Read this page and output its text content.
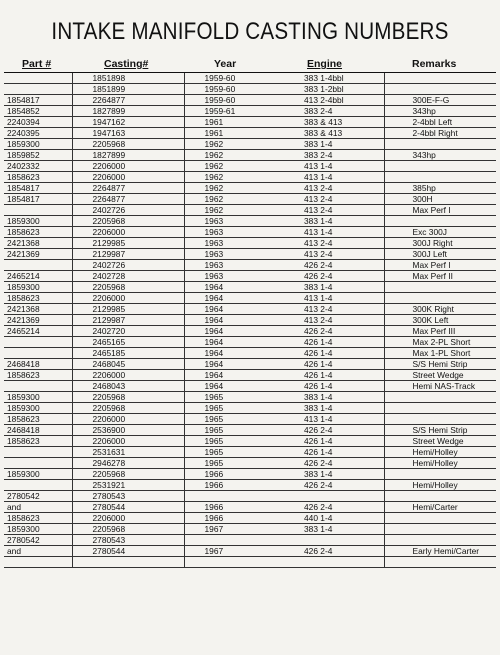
INTAKE MANIFOLD CASTING NUMBERS
Part #	Casting#	Year	Engine	Remarks
	1851898	1959-60	383 1-4bbl	
	1851899	1959-60	383 1-2bbl	
1854817	2264877	1959-60	413 2-4bbl	300E-F-G
1854852	1827899	1959-61	383 2-4	343hp
2240394	1947162	1961	383 & 413	2-4bbl Left
2240395	1947163	1961	383 & 413	2-4bbl Right
1859300	2205968	1962	383 1-4	
1859852	1827899	1962	383 2-4	343hp
2402332	2206000	1962	413 1-4	
1858623	2206000	1962	413 1-4	
1854817	2264877	1962	413 2-4	385hp
1854817	2264877	1962	413 2-4	300H
	2402726	1962	413 2-4	Max Perf I
1859300	2205968	1963	383 1-4	
1858623	2206000	1963	413 1-4	Exc 300J
2421368	2129985	1963	413 2-4	300J Right
2421369	2129987	1963	413 2-4	300J Left
	2402726	1963	426 2-4	Max Perf I
2465214	2402728	1963	426 2-4	Max Perf II
1859300	2205968	1964	383 1-4	
1858623	2206000	1964	413 1-4	
2421368	2129985	1964	413 2-4	300K Right
2421369	2129987	1964	413 2-4	300K Left
2465214	2402720	1964	426 2-4	Max Perf III
	2465165	1964	426 1-4	Max 2-PL Short
	2465185	1964	426 1-4	Max 1-PL Short
2468418	2468045	1964	426 1-4	S/S Hemi Strip
1858623	2206000	1964	426 1-4	Street Wedge
	2468043	1964	426 1-4	Hemi NAS-Track
1859300	2205968	1965	383 1-4	
1859300	2205968	1965	383 1-4	
1858623	2206000	1965	413 1-4	
2468418	2536900	1965	426 2-4	S/S Hemi Strip
1858623	2206000	1965	426 1-4	Street Wedge
	2531631	1965	426 1-4	Hemi/Holley
	2946278	1965	426 2-4	Hemi/Holley
1859300	2205968	1966	383 1-4	
	2531921	1966	426 2-4	Hemi/Holley
2780542	2780543			
and	2780544	1966	426 2-4	Hemi/Carter
1858623	2206000	1966	440 1-4	
1859300	2205968	1967	383 1-4	
2780542	2780543			
and	2780544	1967	426 2-4	Early Hemi/Carter
